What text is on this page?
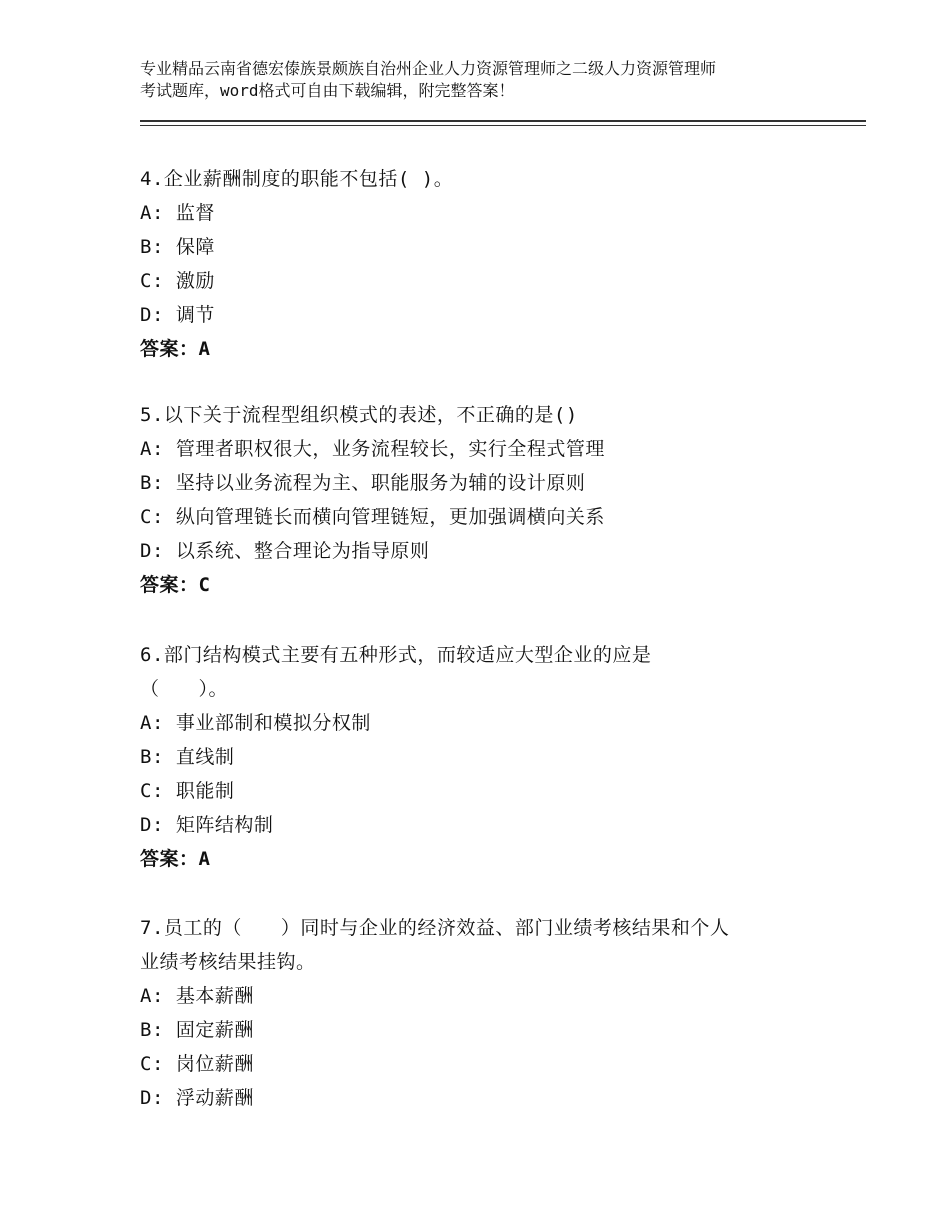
专业精品云南省德宏傣族景颇族自治州企业人力资源管理师之二级人力资源管理师
考试题库，word格式可自由下载编辑，附完整答案！
4.企业薪酬制度的职能不包括( )。
A: 监督
B: 保障
C: 激励
D: 调节
答案：A
5.以下关于流程型组织模式的表述，不正确的是()
A: 管理者职权很大，业务流程较长，实行全程式管理
B: 坚持以业务流程为主、职能服务为辅的设计原则
C: 纵向管理链长而横向管理链短，更加强调横向关系
D: 以系统、整合理论为指导原则
答案：C
6.部门结构模式主要有五种形式，而较适应大型企业的应是
（　　）。
A: 事业部制和模拟分权制
B: 直线制
C: 职能制
D: 矩阵结构制
答案：A
7.员工的（　　）同时与企业的经济效益、部门业绩考核结果和个人
业绩考核结果挂钩。
A: 基本薪酬
B: 固定薪酬
C: 岗位薪酬
D: 浮动薪酬
